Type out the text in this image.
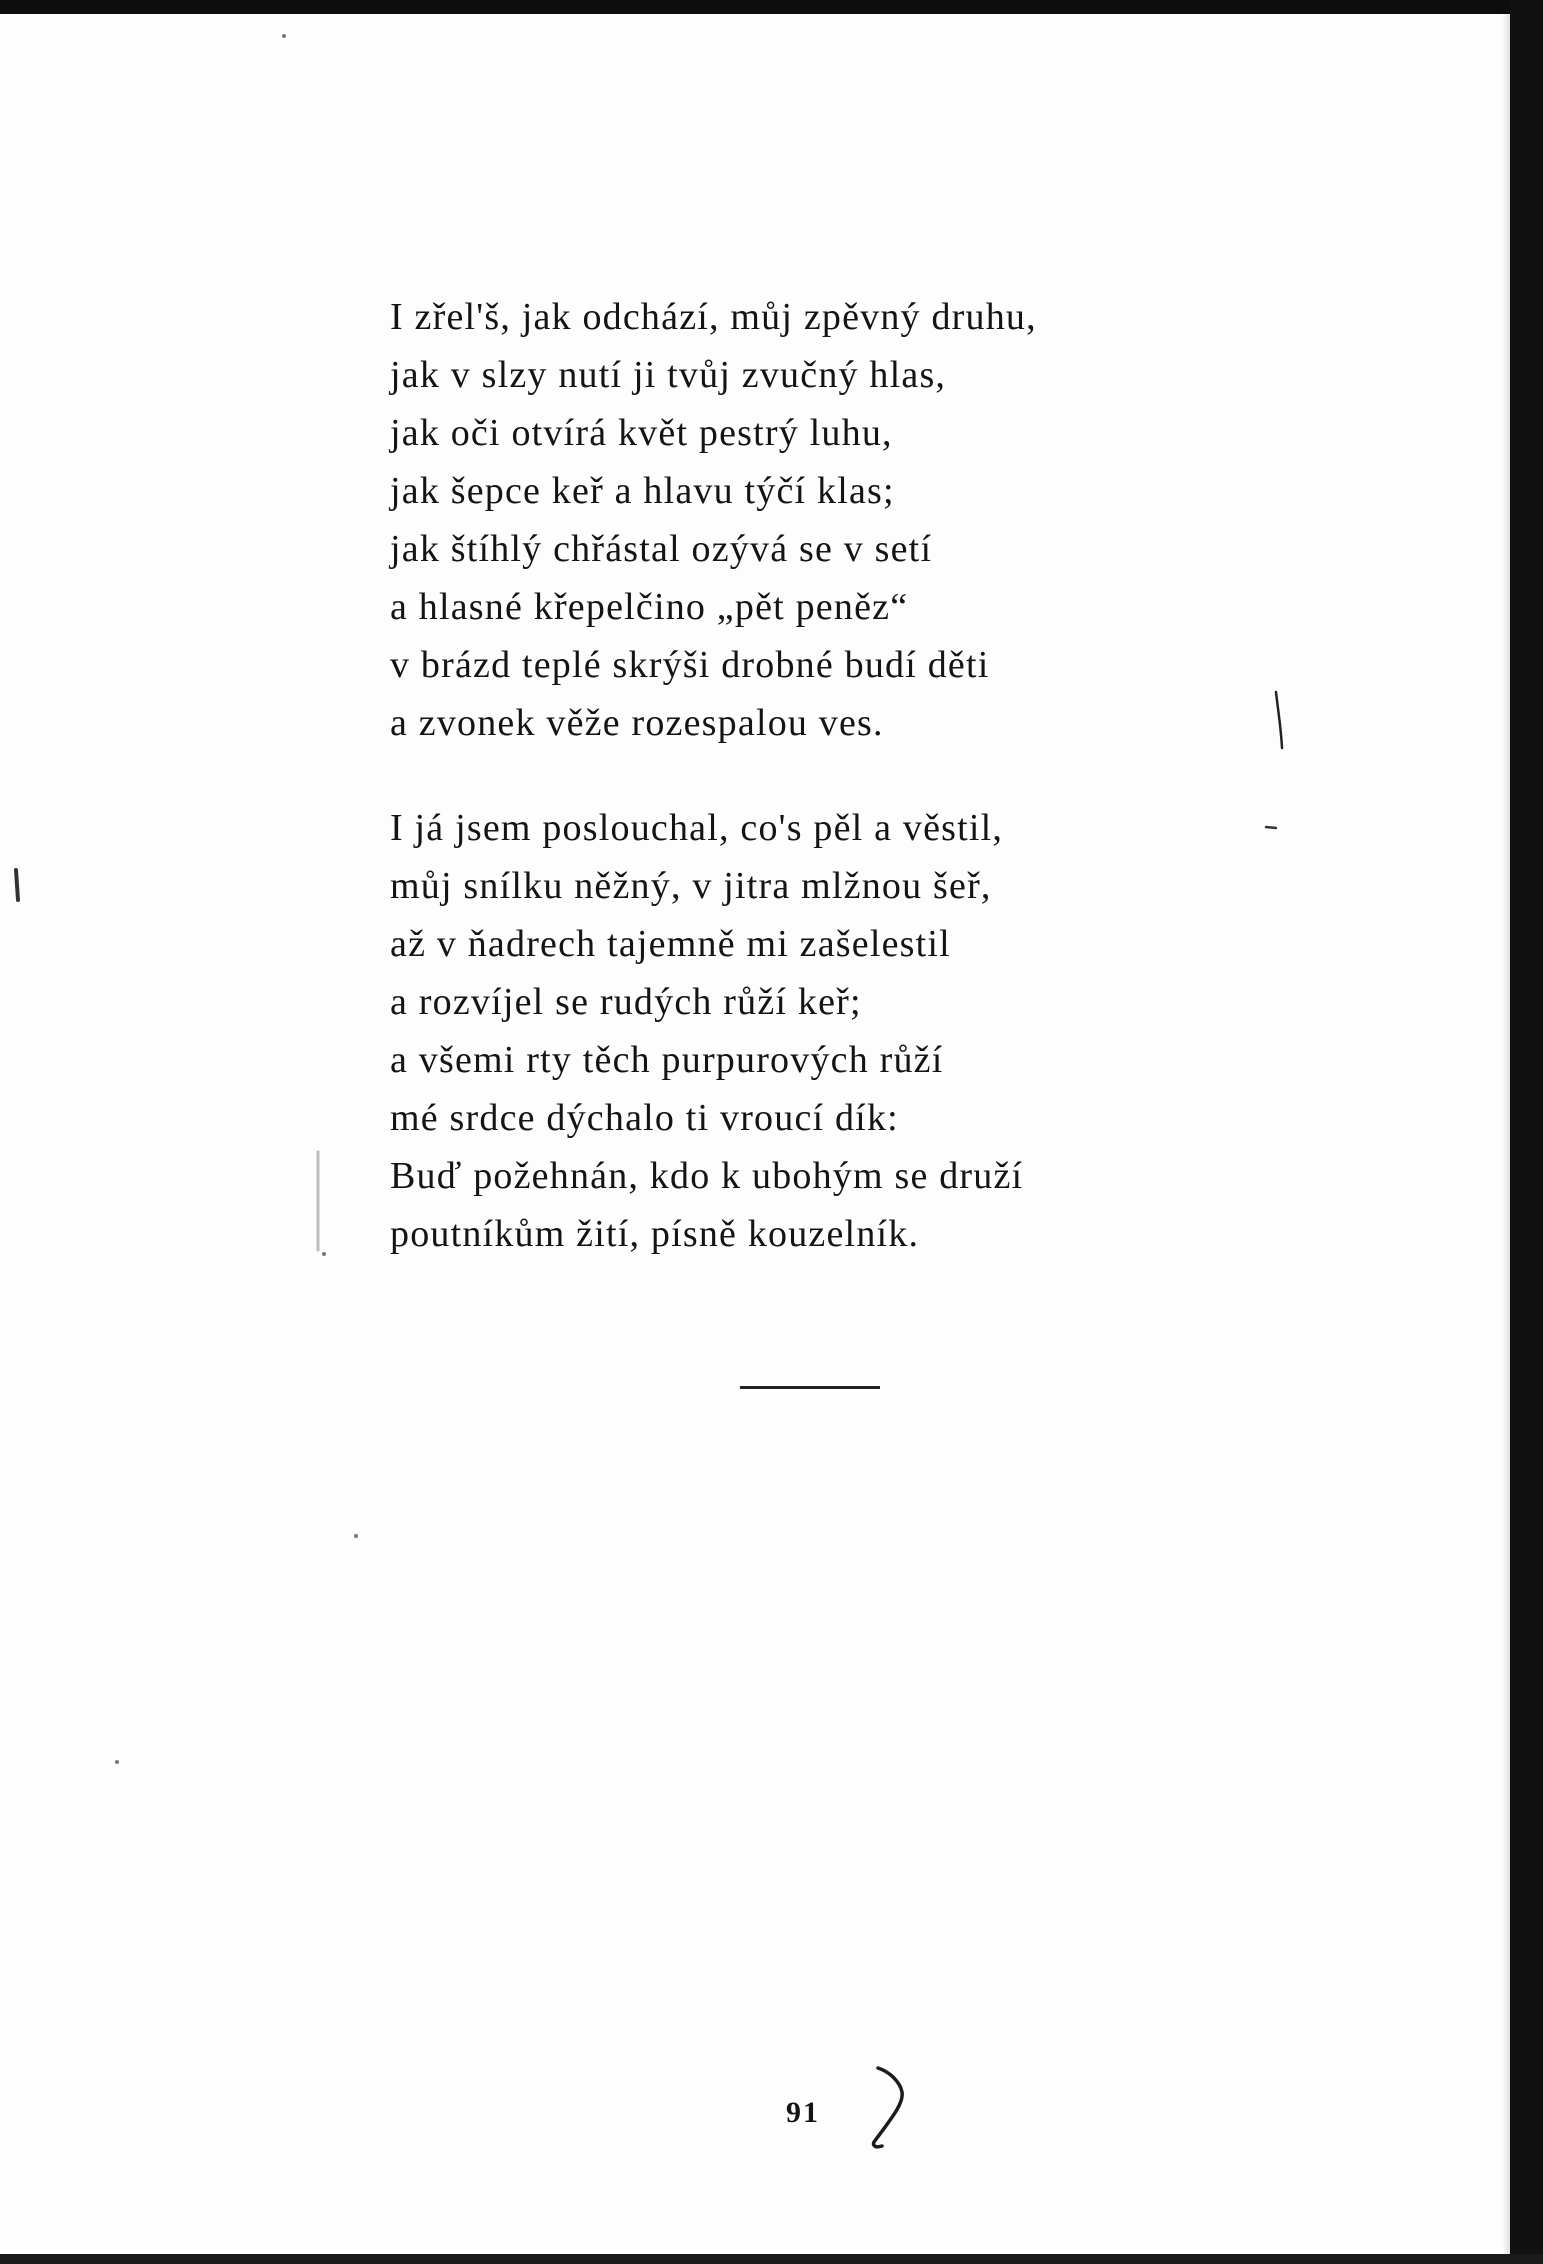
I zřel'š, jak odchází, můj zpěvný druhu,
jak v slzy nutí ji tvůj zvučný hlas,
jak oči otvírá květ pestrý luhu,
jak šepce keř a hlavu týčí klas;
jak štíhlý chřástal ozývá se v setí
a hlasné křepelčino „pět peněz“
v brázd teplé skrýši drobné budí děti
a zvonek věže rozespalou ves.
I já jsem poslouchal, co's pěl a věstil,
můj snílku něžný, v jitra mlžnou šeř,
až v ňadrech tajemně mi zašelestil
a rozvíjel se rudých růží keř;
a všemi rty těch purpurových růží
mé srdce dýchalo ti vroucí dík:
Buď požehnán, kdo k ubohým se druží
poutníkům žití, písně kouzelník.
91
